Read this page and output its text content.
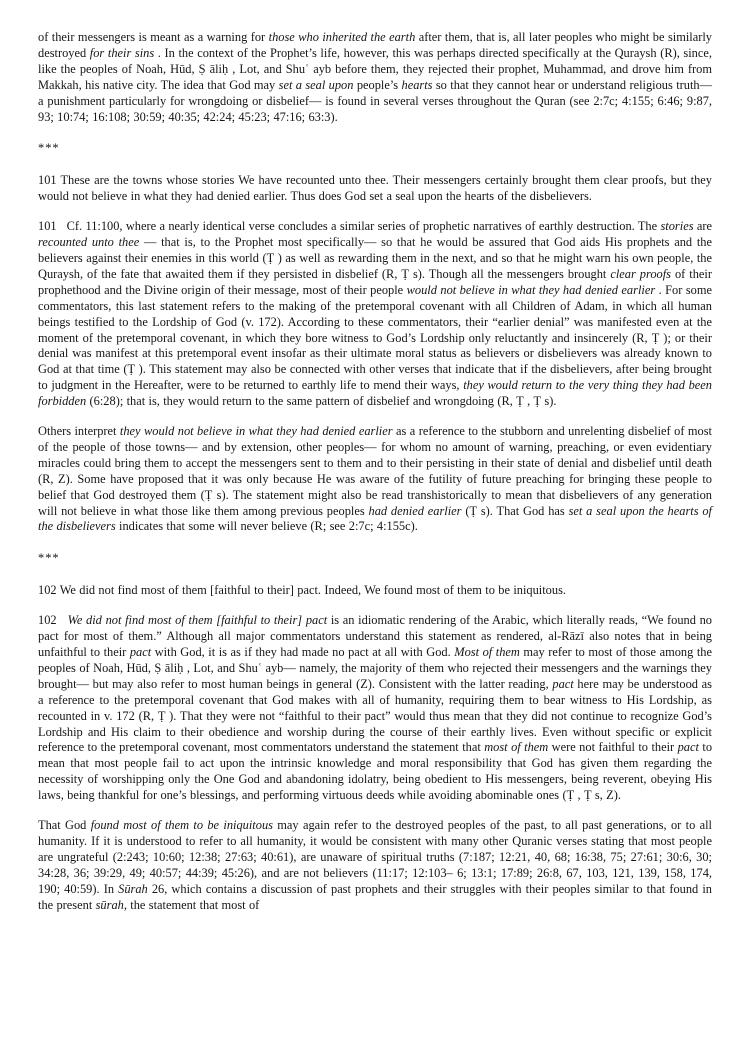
of their messengers is meant as a warning for those who inherited the earth after them, that is, all later peoples who might be similarly destroyed for their sins . In the context of the Prophet’s life, however, this was perhaps directed specifically at the Quraysh (R), since, like the peoples of Noah, Hūd, Ṣ āliḥ , Lot, and Shuʿ ayb before them, they rejected their prophet, Muhammad, and drove him from Makkah, his native city. The idea that God may set a seal upon people’s hearts so that they cannot hear or understand religious truth— a punishment particularly for wrongdoing or disbelief— is found in several verses throughout the Quran (see 2:7c; 4:155; 6:46; 9:87, 93; 10:74; 16:108; 30:59; 40:35; 42:24; 45:23; 47:16; 63:3).

***

101 These are the towns whose stories We have recounted unto thee. Their messengers certainly brought them clear proofs, but they would not believe in what they had denied earlier. Thus does God set a seal upon the hearts of the disbelievers.

101   Cf. 11:100, where a nearly identical verse concludes a similar series of prophetic narratives of earthly destruction. The stories are recounted unto thee — that is, to the Prophet most specifically— so that he would be assured that God aids His prophets and the believers against their enemies in this world (Ṭ ) as well as rewarding them in the next, and so that he might warn his own people, the Quraysh, of the fate that awaited them if they persisted in disbelief (R, Ṭ s). Though all the messengers brought clear proofs of their prophethood and the Divine origin of their message, most of their people would not believe in what they had denied earlier . For some commentators, this last statement refers to the making of the pretemporal covenant with all Children of Adam, in which all human beings testified to the Lordship of God (v. 172). According to these commentators, their “earlier denial” was manifested even at the moment of the pretemporal covenant, in which they bore witness to God’s Lordship only reluctantly and insincerely (R, Ṭ ); or their denial was manifest at this pretemporal event insofar as their ultimate moral status as believers or disbelievers was already known to God at that time (Ṭ ). This statement may also be connected with other verses that indicate that if the disbelievers, after being brought to judgment in the Hereafter, were to be returned to earthly life to mend their ways, they would return to the very thing they had been forbidden (6:28); that is, they would return to the same pattern of disbelief and wrongdoing (R, Ṭ , Ṭ s).

Others interpret they would not believe in what they had denied earlier as a reference to the stubborn and unrelenting disbelief of most of the people of those towns— and by extension, other peoples— for whom no amount of warning, preaching, or even evidentiary miracles could bring them to accept the messengers sent to them and to their persisting in their state of denial and disbelief until death (R, Z). Some have proposed that it was only because He was aware of the futility of future preaching for bringing these people to belief that God destroyed them (Ṭ s). The statement might also be read transhistorically to mean that disbelievers of any generation will not believe in what those like them among previous peoples had denied earlier (Ṭ s). That God has set a seal upon the hearts of the disbelievers indicates that some will never believe (R; see 2:7c; 4:155c).

***

102 We did not find most of them [faithful to their] pact. Indeed, We found most of them to be iniquitous.

102   We did not find most of them [faithful to their] pact is an idiomatic rendering of the Arabic, which literally reads, “We found no pact for most of them.” Although all major commentators understand this statement as rendered, al-Rāzī also notes that in being unfaithful to their pact with God, it is as if they had made no pact at all with God. Most of them may refer to most of those among the peoples of Noah, Hūd, Ṣ āliḥ , Lot, and Shuʿ ayb— namely, the majority of them who rejected their messengers and the warnings they brought— but may also refer to most human beings in general (Z). Consistent with the latter reading, pact here may be understood as a reference to the pretemporal covenant that God makes with all of humanity, requiring them to bear witness to His Lordship, as recounted in v. 172 (R, Ṭ ). That they were not “faithful to their pact” would thus mean that they did not continue to recognize God’s Lordship and His claim to their obedience and worship during the course of their earthly lives. Even without specific or explicit reference to the pretemporal covenant, most commentators understand the statement that most of them were not faithful to their pact to mean that most people fail to act upon the intrinsic knowledge and moral responsibility that God has given them regarding the necessity of worshipping only the One God and abandoning idolatry, being obedient to His messengers, being reverent, obeying His laws, being thankful for one’s blessings, and performing virtuous deeds while avoiding abominable ones (Ṭ , Ṭ s, Z).

That God found most of them to be iniquitous may again refer to the destroyed peoples of the past, to all past generations, or to all humanity. If it is understood to refer to all humanity, it would be consistent with many other Quranic verses stating that most people are ungrateful (2:243; 10:60; 12:38; 27:63; 40:61), are unaware of spiritual truths (7:187; 12:21, 40, 68; 16:38, 75; 27:61; 30:6, 30; 34:28, 36; 39:29, 49; 40:57; 44:39; 45:26), and are not believers (11:17; 12:103– 6; 13:1; 17:89; 26:8, 67, 103, 121, 139, 158, 174, 190; 40:59). In Sūrah 26, which contains a discussion of past prophets and their struggles with their peoples similar to that found in the present sūrah, the statement that most of
